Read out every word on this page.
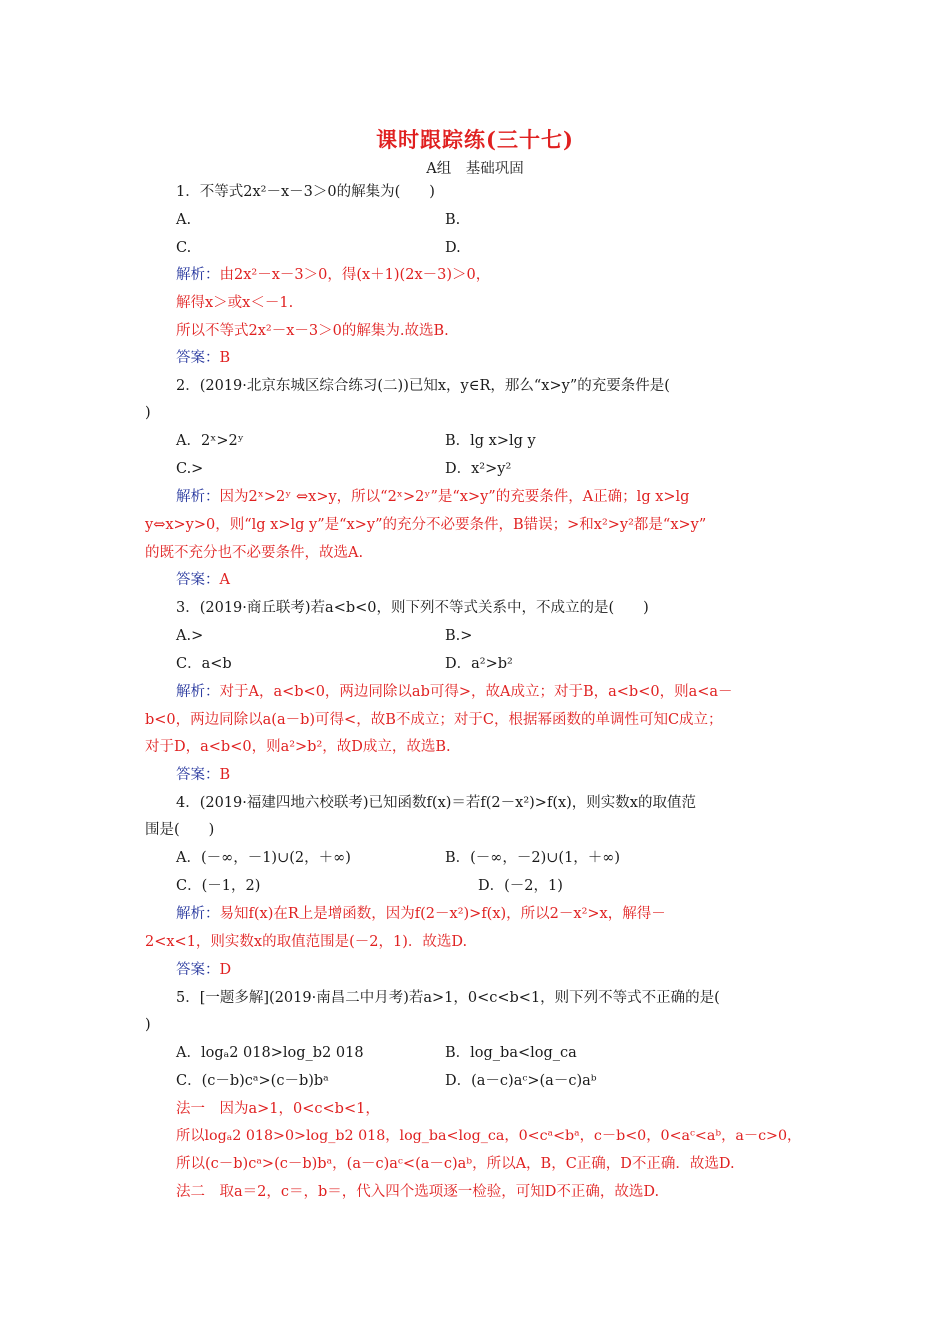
课时跟踪练(三十七)
A组　基础巩固
1．不等式2x²－x－3＞0的解集为(　　)
A.	B.
C.	D.
解析：由2x²－x－3＞0，得(x＋1)(2x－3)＞0，
解得x＞或x＜－1.
所以不等式2x²－x－3＞0的解集为.故选B.
答案：B
2．(2019·北京东城区综合练习(二))已知x，y∈R，那么“x>y”的充要条件是(
)
A．2ˣ>2ʸ	B．lg x>lg y
C.>	D．x²>y²
解析：因为2ˣ>2ʸ ⇔x>y，所以“2ˣ>2ʸ”是“x>y”的充要条件，A正确；lg x>lg
y⇔x>y>0，则“lg x>lg y”是“x>y”的充分不必要条件，B错误；>和x²>y²都是“x>y”
的既不充分也不必要条件，故选A.
答案：A
3．(2019·商丘联考)若a<b<0，则下列不等式关系中，不成立的是(　　)
A.>	B.>
C．a<b	D．a²>b²
解析：对于A，a<b<0，两边同除以ab可得>，故A成立；对于B，a<b<0，则a<a－
b<0，两边同除以a(a－b)可得<，故B不成立；对于C，根据幂函数的单调性可知C成立；
对于D，a<b<0，则a²>b²，故D成立，故选B.
答案：B
4．(2019·福建四地六校联考)已知函数f(x)＝若f(2－x²)>f(x)，则实数x的取值范
围是(　　)
A．(－∞，－1)∪(2，＋∞)	B．(－∞，－2)∪(1，＋∞)
C．(－1，2)	D．(－2，1)
解析：易知f(x)在R上是增函数，因为f(2－x²)>f(x)，所以2－x²>x，解得－
2<x<1，则实数x的取值范围是(－2，1)．故选D.
答案：D
5．[一题多解](2019·南昌二中月考)若a>1，0<c<b<1，则下列不等式不正确的是(
)
A．logₐ2 018>log_b2 018	B．log_ba<log_ca
C．(c－b)cᵃ>(c－b)bᵃ	D．(a－c)aᶜ>(a－c)aᵇ
法一　因为a>1，0<c<b<1，
所以logₐ2 018>0>log_b2 018，log_ba<log_ca，0<cᵃ<bᵃ，c－b<0，0<aᶜ<aᵇ，a－c>0，
所以(c－b)cᵃ>(c－b)bᵃ，(a－c)aᶜ<(a－c)aᵇ，所以A，B，C正确，D不正确．故选D.
法二　取a＝2，c＝，b＝，代入四个选项逐一检验，可知D不正确，故选D.
